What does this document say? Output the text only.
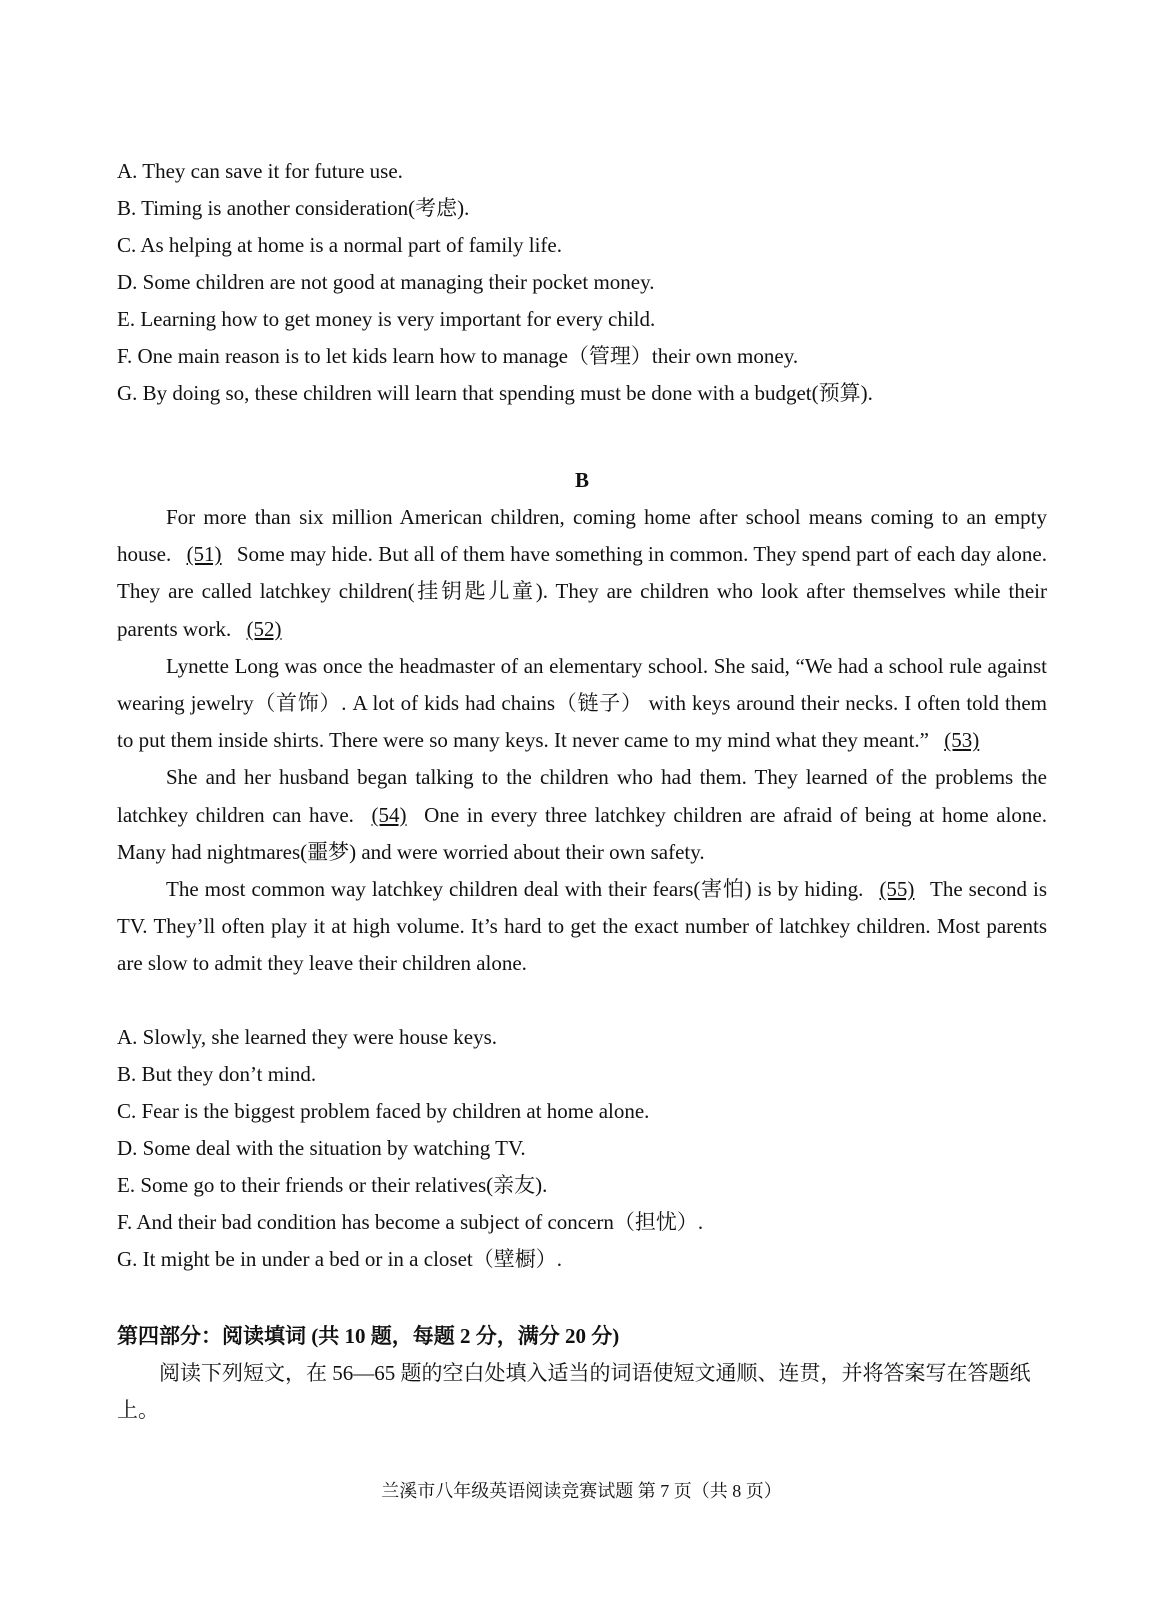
A. They can save it for future use.

B. Timing is another consideration(考虑).

C. As helping at home is a normal part of family life.

D. Some children are not good at managing their pocket money.

E. Learning how to get money is very important for every child.

F. One main reason is to let kids learn how to manage（管理）their own money.

G. By doing so, these children will learn that spending must be done with a budget(预算).

B

For more than six million American children, coming home after school means coming to an empty house. (51) Some may hide. But all of them have something in common. They spend part of each day alone. They are called latchkey children(挂钥匙儿童). They are children who look after themselves while their parents work. (52)

Lynette Long was once the headmaster of an elementary school. She said, “We had a school rule against wearing jewelry（首饰）. A lot of kids had chains（链子） with keys around their necks. I often told them to put them inside shirts. There were so many keys. It never came to my mind what they meant.” (53)

She and her husband began talking to the children who had them. They learned of the problems the latchkey children can have. (54) One in every three latchkey children are afraid of being at home alone. Many had nightmares(噩梦) and were worried about their own safety.

The most common way latchkey children deal with their fears(害怕) is by hiding. (55) The second is TV. They’ll often play it at high volume. It’s hard to get the exact number of latchkey children. Most parents are slow to admit they leave their children alone.

A. Slowly, she learned they were house keys.

B. But they don’t mind.

C. Fear is the biggest problem faced by children at home alone.

D. Some deal with the situation by watching TV.

E. Some go to their friends or their relatives(亲友).

F. And their bad condition has become a subject of concern（担忧）.

G. It might be in under a bed or in a closet（壁橱）.

第四部分：阅读填词 (共 10 题，每题 2 分，满分 20 分)

阅读下列短文，在 56—65 题的空白处填入适当的词语使短文通顺、连贯，并将答案写在答题纸上。

兰溪市八年级英语阅读竞赛试题 第 7 页（共 8 页）
